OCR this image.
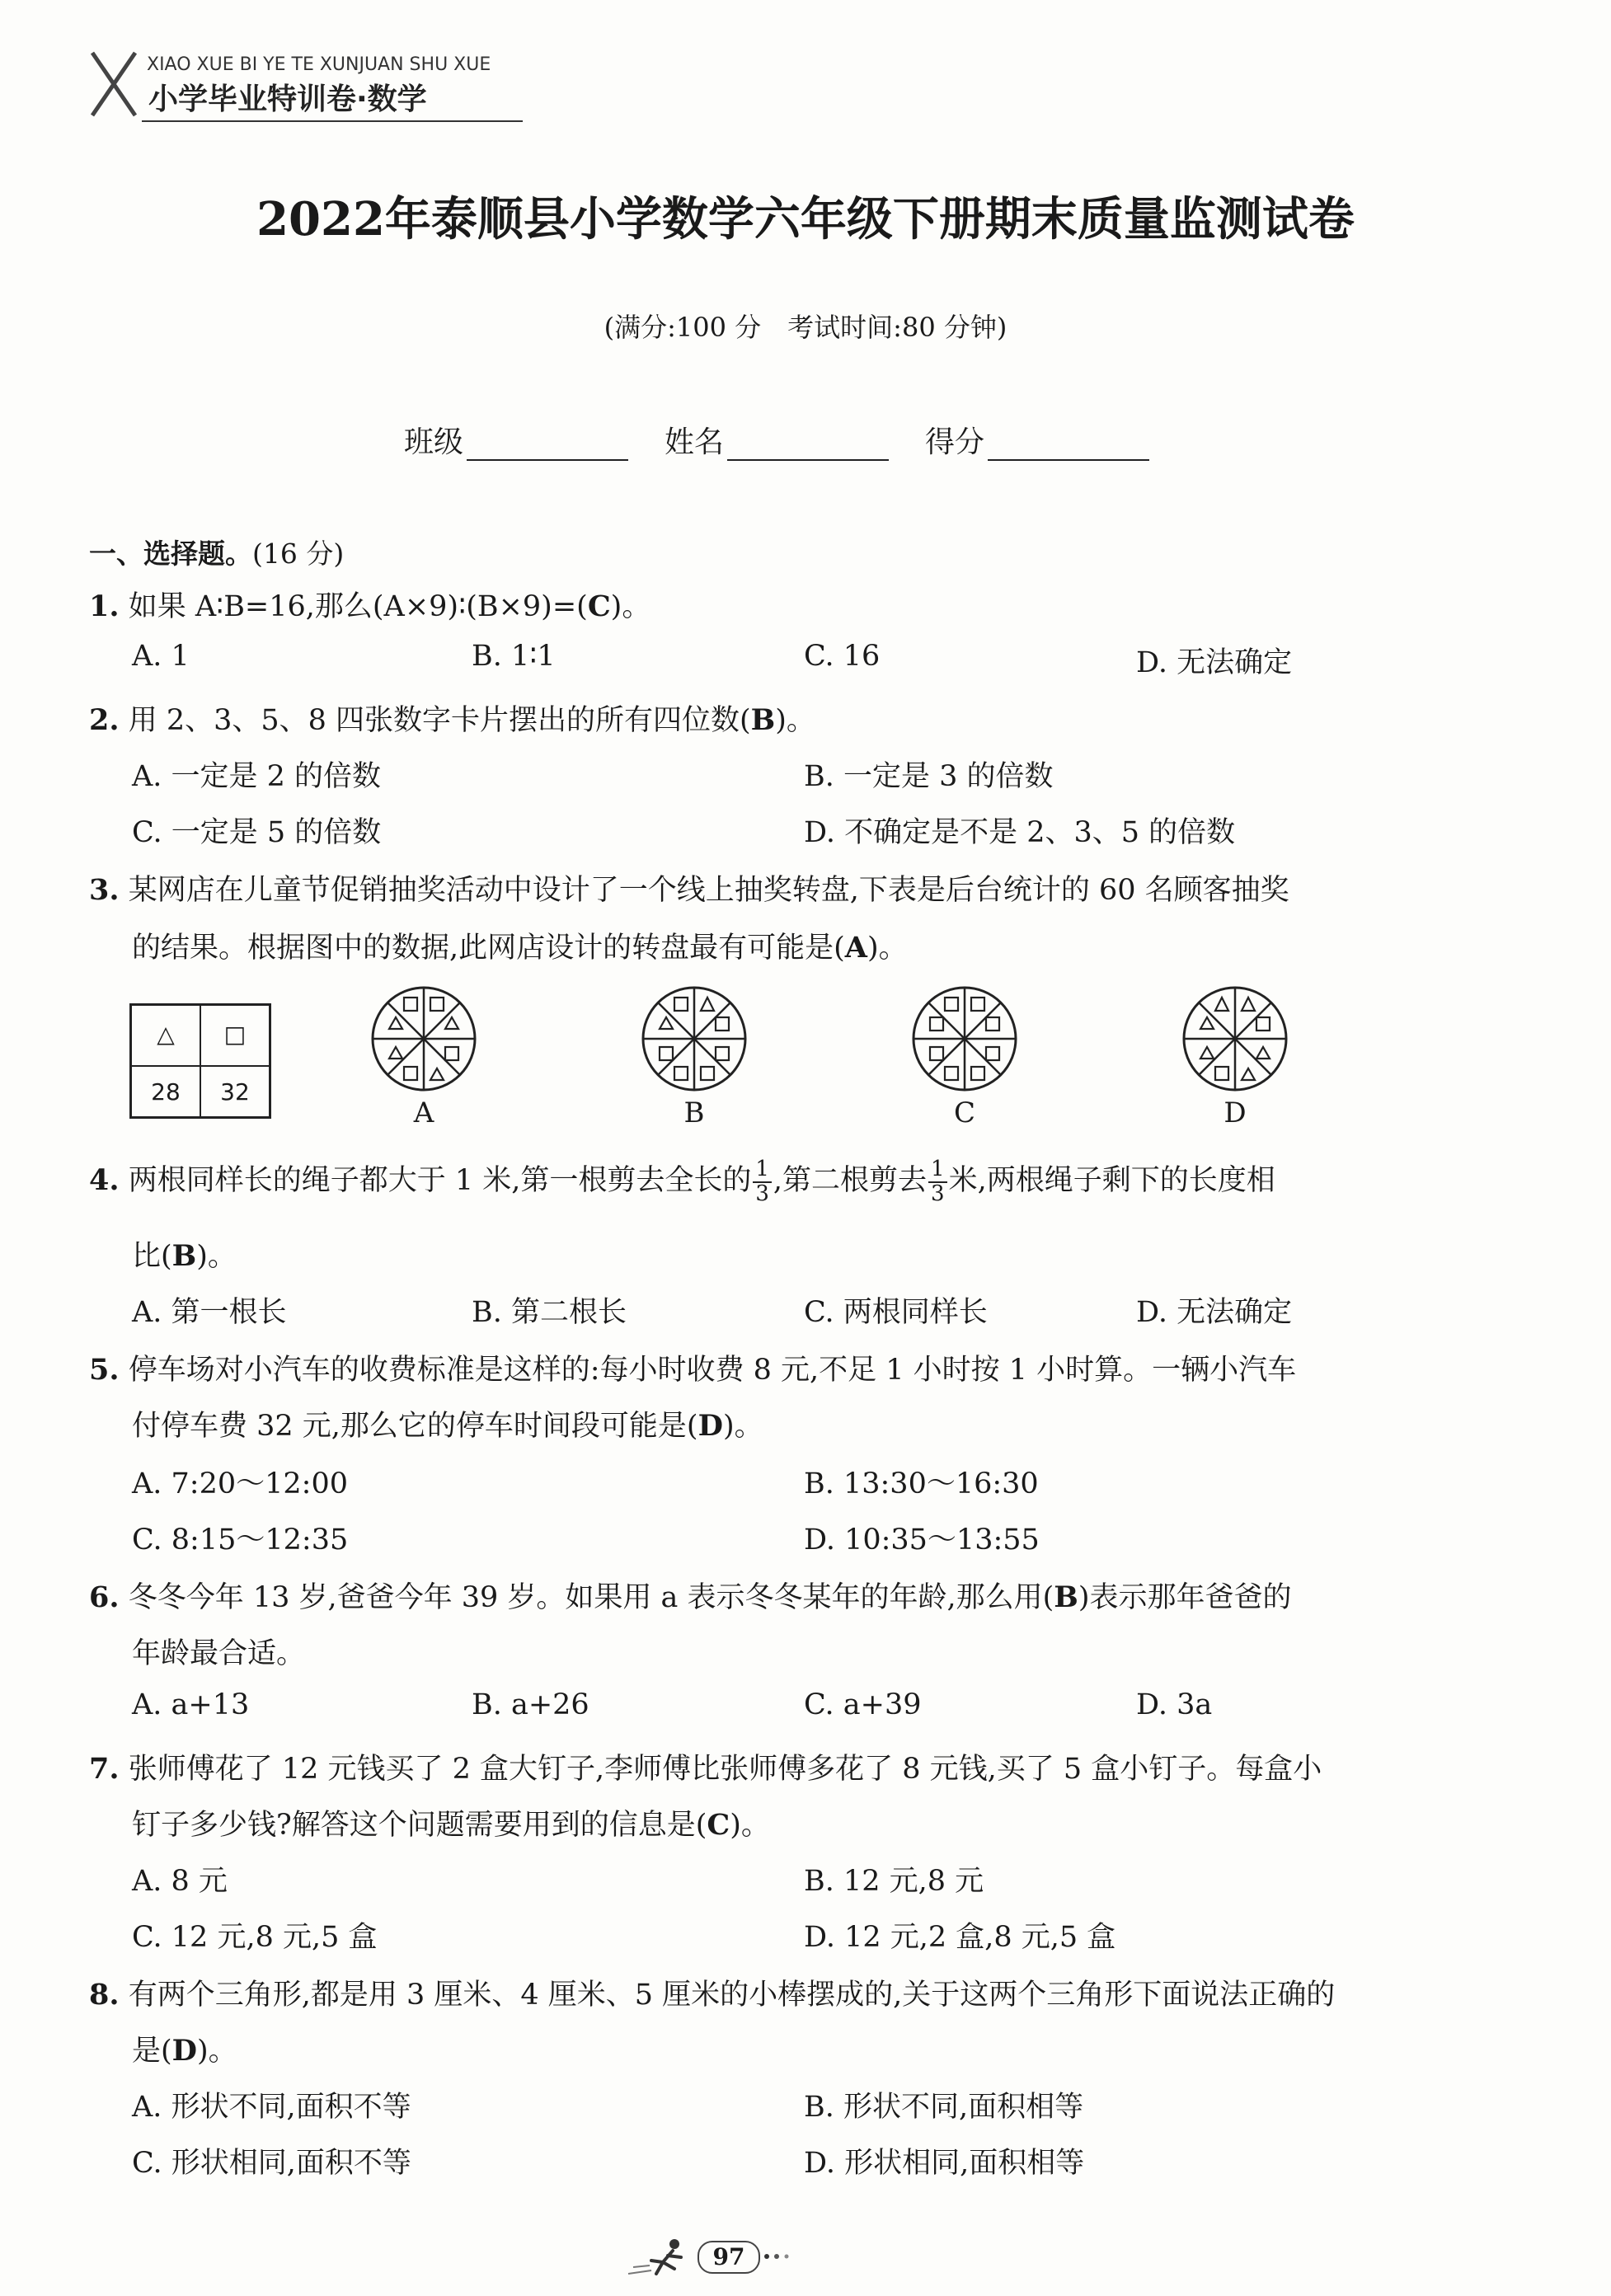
XIAO XUE BI YE TE XUNJUAN SHU XUE
小学毕业特训卷·数学
2022年泰顺县小学数学六年级下册期末质量监测试卷
(满分:100 分　考试时间:80 分钟)
班级	姓名	得分
一、选择题。(16 分)
1. 如果 A∶B=16,那么(A×9)∶(B×9)=(C)。
A. 1	B. 1∶1	C. 16	D. 无法确定
2. 用 2、3、5、8 四张数字卡片摆出的所有四位数(B)。
A. 一定是 2 的倍数	B. 一定是 3 的倍数
C. 一定是 5 的倍数	D. 不确定是不是 2、3、5 的倍数
3. 某网店在儿童节促销抽奖活动中设计了一个线上抽奖转盘,下表是后台统计的 60 名顾客抽奖
的结果。根据图中的数据,此网店设计的转盘最有可能是(A)。
△	□
28	32
A	B	C	D
4. 两根同样长的绳子都大于 1 米,第一根剪去全长的 $\frac{1}{3}$ ,第二根剪去 $\frac{1}{3}$ 米,两根绳子剩下的长度相
比(B)。
A. 第一根长	B. 第二根长	C. 两根同样长	D. 无法确定
5. 停车场对小汽车的收费标准是这样的:每小时收费 8 元,不足 1 小时按 1 小时算。一辆小汽车
付停车费 32 元,那么它的停车时间段可能是(D)。
A. 7:20～12:00	B. 13:30～16:30
C. 8:15～12:35	D. 10:35～13:55
6. 冬冬今年 13 岁,爸爸今年 39 岁。如果用 a 表示冬冬某年的年龄,那么用(B)表示那年爸爸的
年龄最合适。
A. a+13	B. a+26	C. a+39	D. 3a
7. 张师傅花了 12 元钱买了 2 盒大钉子,李师傅比张师傅多花了 8 元钱,买了 5 盒小钉子。每盒小
钉子多少钱?解答这个问题需要用到的信息是(C)。
A. 8 元	B. 12 元,8 元
C. 12 元,8 元,5 盒	D. 12 元,2 盒,8 元,5 盒
8. 有两个三角形,都是用 3 厘米、4 厘米、5 厘米的小棒摆成的,关于这两个三角形下面说法正确的
是(D)。
A. 形状不同,面积不等	B. 形状不同,面积相等
C. 形状相同,面积不等	D. 形状相同,面积相等
97
